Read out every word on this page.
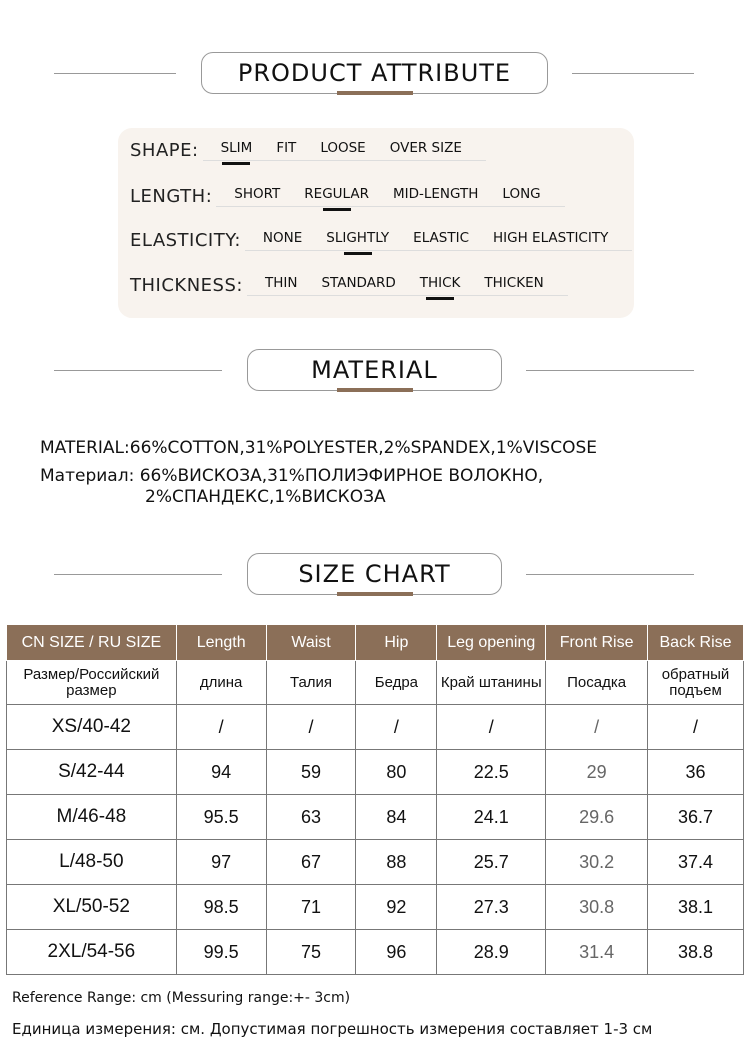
PRODUCT ATTRIBUTE
SHAPE: SLIM FIT LOOSE OVER SIZE
LENGTH: SHORT REGULAR MID-LENGTH LONG
ELASTICITY: NONE SLIGHTLY ELASTIC HIGH ELASTICITY
THICKNESS: THIN STANDARD THICK THICKEN
MATERIAL
MATERIAL:66%COTTON,31%POLYESTER,2%SPANDEX,1%VISCOSE
Материал: 66%ВИСКОЗА,31%ПОЛИЭФИРНОЕ ВОЛОКНО,
2%СПАНДЕКС,1%ВИСКОЗА
SIZE CHART
CN SIZE / RU SIZE	Length	Waist	Hip	Leg opening	Front Rise	Back Rise
Размер/Российский размер	длина	Талия	Бедра	Край штанины	Посадка	обратный подъем
XS/40-42	/	/	/	/	/	/
S/42-44	94	59	80	22.5	29	36
M/46-48	95.5	63	84	24.1	29.6	36.7
L/48-50	97	67	88	25.7	30.2	37.4
XL/50-52	98.5	71	92	27.3	30.8	38.1
2XL/54-56	99.5	75	96	28.9	31.4	38.8
Reference Range: cm (Messuring range:+- 3cm)
Единица измерения: см. Допустимая погрешность измерения составляет 1-3 см
